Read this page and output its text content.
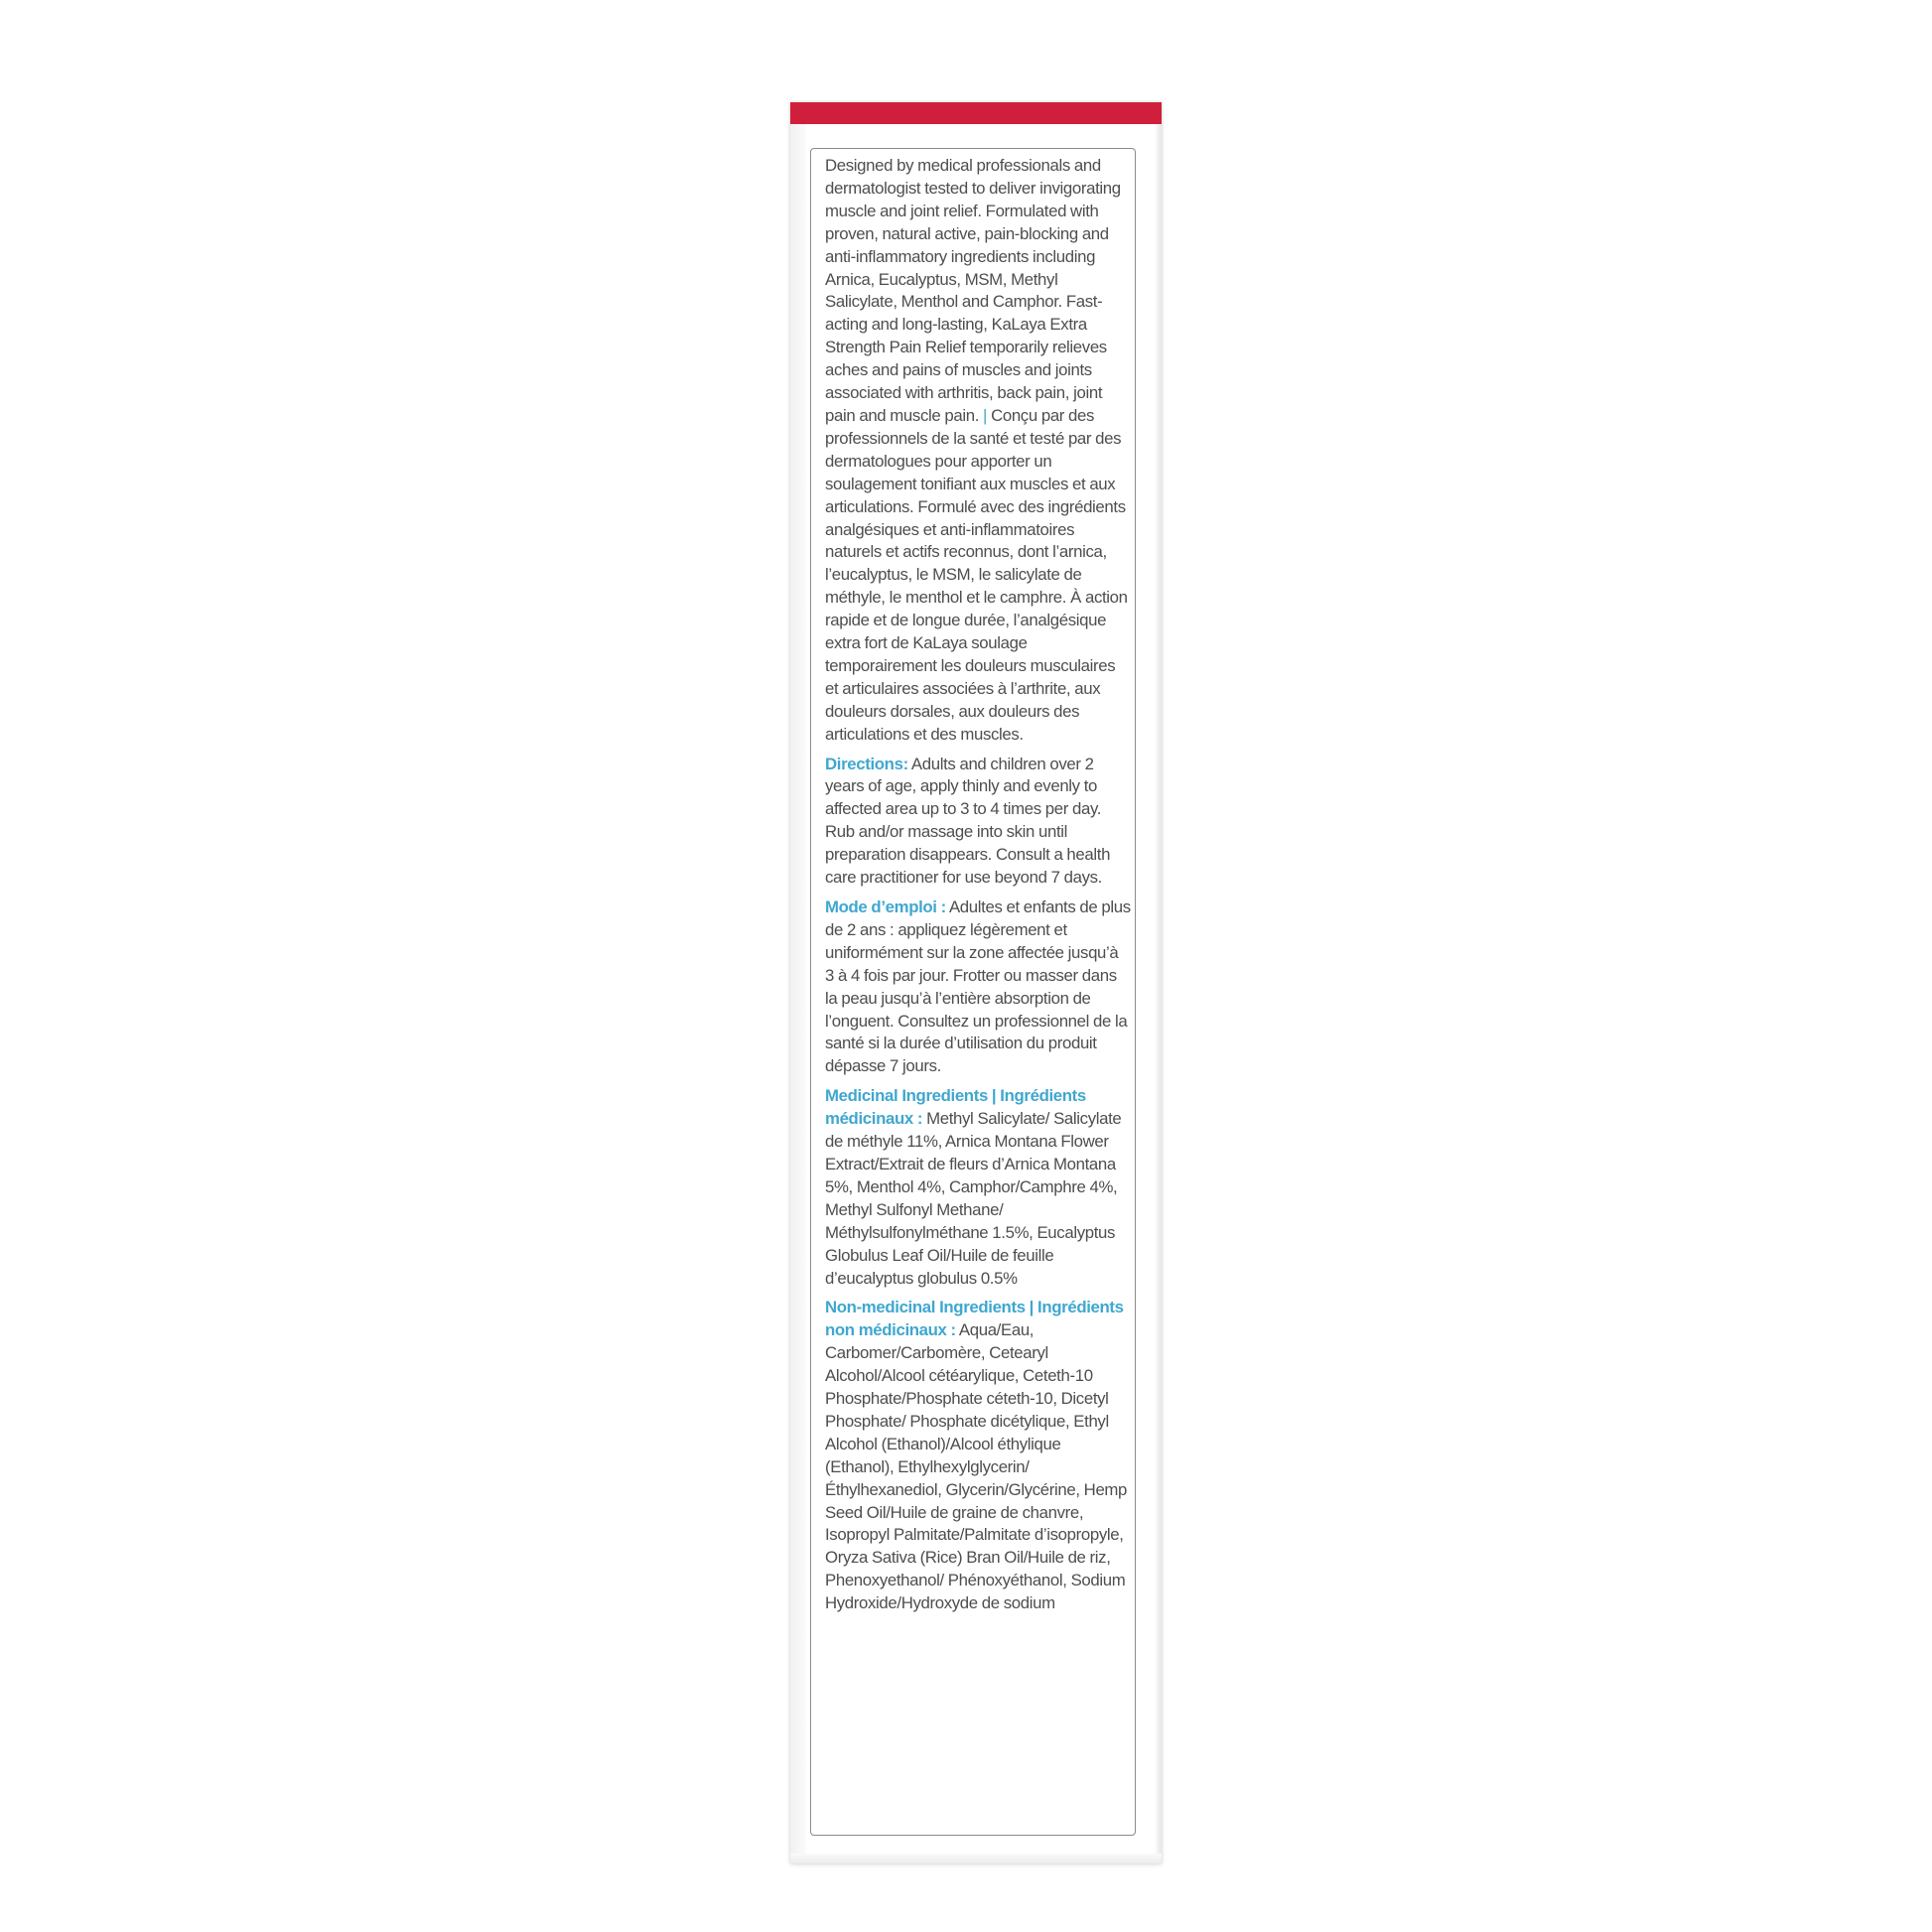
Designed by medical professionals and dermatologist tested to deliver invigorating muscle and joint relief. Formulated with proven, natural active, pain-blocking and anti-inflammatory ingredients including Arnica, Eucalyptus, MSM, Methyl Salicylate, Menthol and Camphor. Fast-acting and long-lasting, KaLaya Extra Strength Pain Relief temporarily relieves aches and pains of muscles and joints associated with arthritis, back pain, joint pain and muscle pain. | Conçu par des professionnels de la santé et testé par des dermatologues pour apporter un soulagement tonifiant aux muscles et aux articulations. Formulé avec des ingrédients analgésiques et anti-inflammatoires naturels et actifs reconnus, dont l’arnica, l’eucalyptus, le MSM, le salicylate de méthyle, le menthol et le camphre. À action rapide et de longue durée, l’analgésique extra fort de KaLaya soulage temporairement les douleurs musculaires et articulaires associées à l’arthrite, aux douleurs dorsales, aux douleurs des articulations et des muscles.

Directions: Adults and children over 2 years of age, apply thinly and evenly to affected area up to 3 to 4 times per day. Rub and/or massage into skin until preparation disappears. Consult a health care practitioner for use beyond 7 days.

Mode d’emploi : Adultes et enfants de plus de 2 ans : appliquez légèrement et uniformément sur la zone affectée jusqu’à 3 à 4 fois par jour. Frotter ou masser dans la peau jusqu’à l’entière absorption de l’onguent. Consultez un professionnel de la santé si la durée d’utilisation du produit dépasse 7 jours.

Medicinal Ingredients | Ingrédients médicinaux : Methyl Salicylate/ Salicylate de méthyle 11%, Arnica Montana Flower Extract/Extrait de fleurs d’Arnica Montana 5%, Menthol 4%, Camphor/Camphre 4%, Methyl Sulfonyl Methane/ Méthylsulfonylméthane 1.5%, Eucalyptus Globulus Leaf Oil/Huile de feuille d’eucalyptus globulus 0.5%

Non-medicinal Ingredients | Ingrédients non médicinaux : Aqua/Eau, Carbomer/Carbomère, Cetearyl Alcohol/Alcool cétéarylique, Ceteth-10 Phosphate/Phosphate céteth-10, Dicetyl Phosphate/ Phosphate dicétylique, Ethyl Alcohol (Ethanol)/Alcool éthylique (Ethanol), Ethylhexylglycerin/Éthylhexanediol, Glycerin/Glycérine, Hemp Seed Oil/Huile de graine de chanvre, Isopropyl Palmitate/Palmitate d’isopropyle, Oryza Sativa (Rice) Bran Oil/Huile de riz, Phenoxyethanol/ Phénoxyéthanol, Sodium Hydroxide/Hydroxyde de sodium
